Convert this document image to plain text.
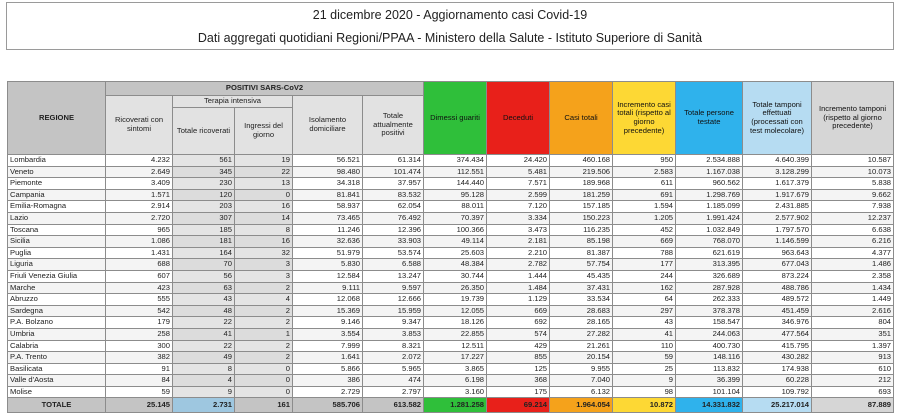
21 dicembre 2020 - Aggiornamento casi Covid-19
Dati aggregati quotidiani Regioni/PPAA - Ministero della Salute - Istituto Superiore di Sanità
REGIONE	POSITIVI SARS-CoV2					Dimessi guariti	Deceduti	Casi totali	Incremento casi totali (rispetto al giorno precedente)	Totale persone testate	Totale tamponi effettuati (processati con test molecolare)	Incremento tamponi (rispetto al giorno precedente)
	Ricoverati con sintomi	Terapia intensiva		Isolamento domiciliare	Totale attualmente positivi							
		Totale ricoverati	Ingressi del giorno									
Lombardia	4.232	561	19	56.521	61.314	374.434	24.420	460.168	950	2.534.888	4.640.399	10.587
Veneto	2.649	345	22	98.480	101.474	112.551	5.481	219.506	2.583	1.167.038	3.128.299	10.073
Piemonte	3.409	230	13	34.318	37.957	144.440	7.571	189.968	611	960.562	1.617.379	5.838
Campania	1.571	120	0	81.841	83.532	95.128	2.599	181.259	691	1.298.769	1.917.679	9.662
Emilia-Romagna	2.914	203	16	58.937	62.054	88.011	7.120	157.185	1.594	1.185.099	2.431.885	7.938
Lazio	2.720	307	14	73.465	76.492	70.397	3.334	150.223	1.205	1.991.424	2.577.902	12.237
Toscana	965	185	8	11.246	12.396	100.366	3.473	116.235	452	1.032.849	1.797.570	6.638
Sicilia	1.086	181	16	32.636	33.903	49.114	2.181	85.198	669	768.070	1.146.599	6.216
Puglia	1.431	164	32	51.979	53.574	25.603	2.210	81.387	788	621.619	963.643	4.377
Liguria	688	70	3	5.830	6.588	48.384	2.782	57.754	177	313.395	677.043	1.486
Friuli Venezia Giulia	607	56	3	12.584	13.247	30.744	1.444	45.435	244	326.689	873.224	2.358
Marche	423	63	2	9.111	9.597	26.350	1.484	37.431	162	287.928	488.786	1.434
Abruzzo	555	43	4	12.068	12.666	19.739	1.129	33.534	64	262.333	489.572	1.449
Sardegna	542	48	2	15.369	15.959	12.055	669	28.683	297	378.378	451.459	2.616
P.A. Bolzano	179	22	2	9.146	9.347	18.126	692	28.165	43	158.547	346.976	804
Umbria	258	41	1	3.554	3.853	22.855	574	27.282	41	244.063	477.564	351
Calabria	300	22	2	7.999	8.321	12.511	429	21.261	110	400.730	415.795	1.397
P.A. Trento	382	49	2	1.641	2.072	17.227	855	20.154	59	148.116	430.282	913
Basilicata	91	8	0	5.866	5.965	3.865	125	9.955	25	113.832	174.938	610
Valle d'Aosta	84	4	0	386	474	6.198	368	7.040	9	36.399	60.228	212
Molise	59	9	0	2.729	2.797	3.160	175	6.132	98	101.104	109.792	693
TOTALE	25.145	2.731	161	585.706	613.582	1.281.258	69.214	1.964.054	10.872	14.331.832	25.217.014	87.889
